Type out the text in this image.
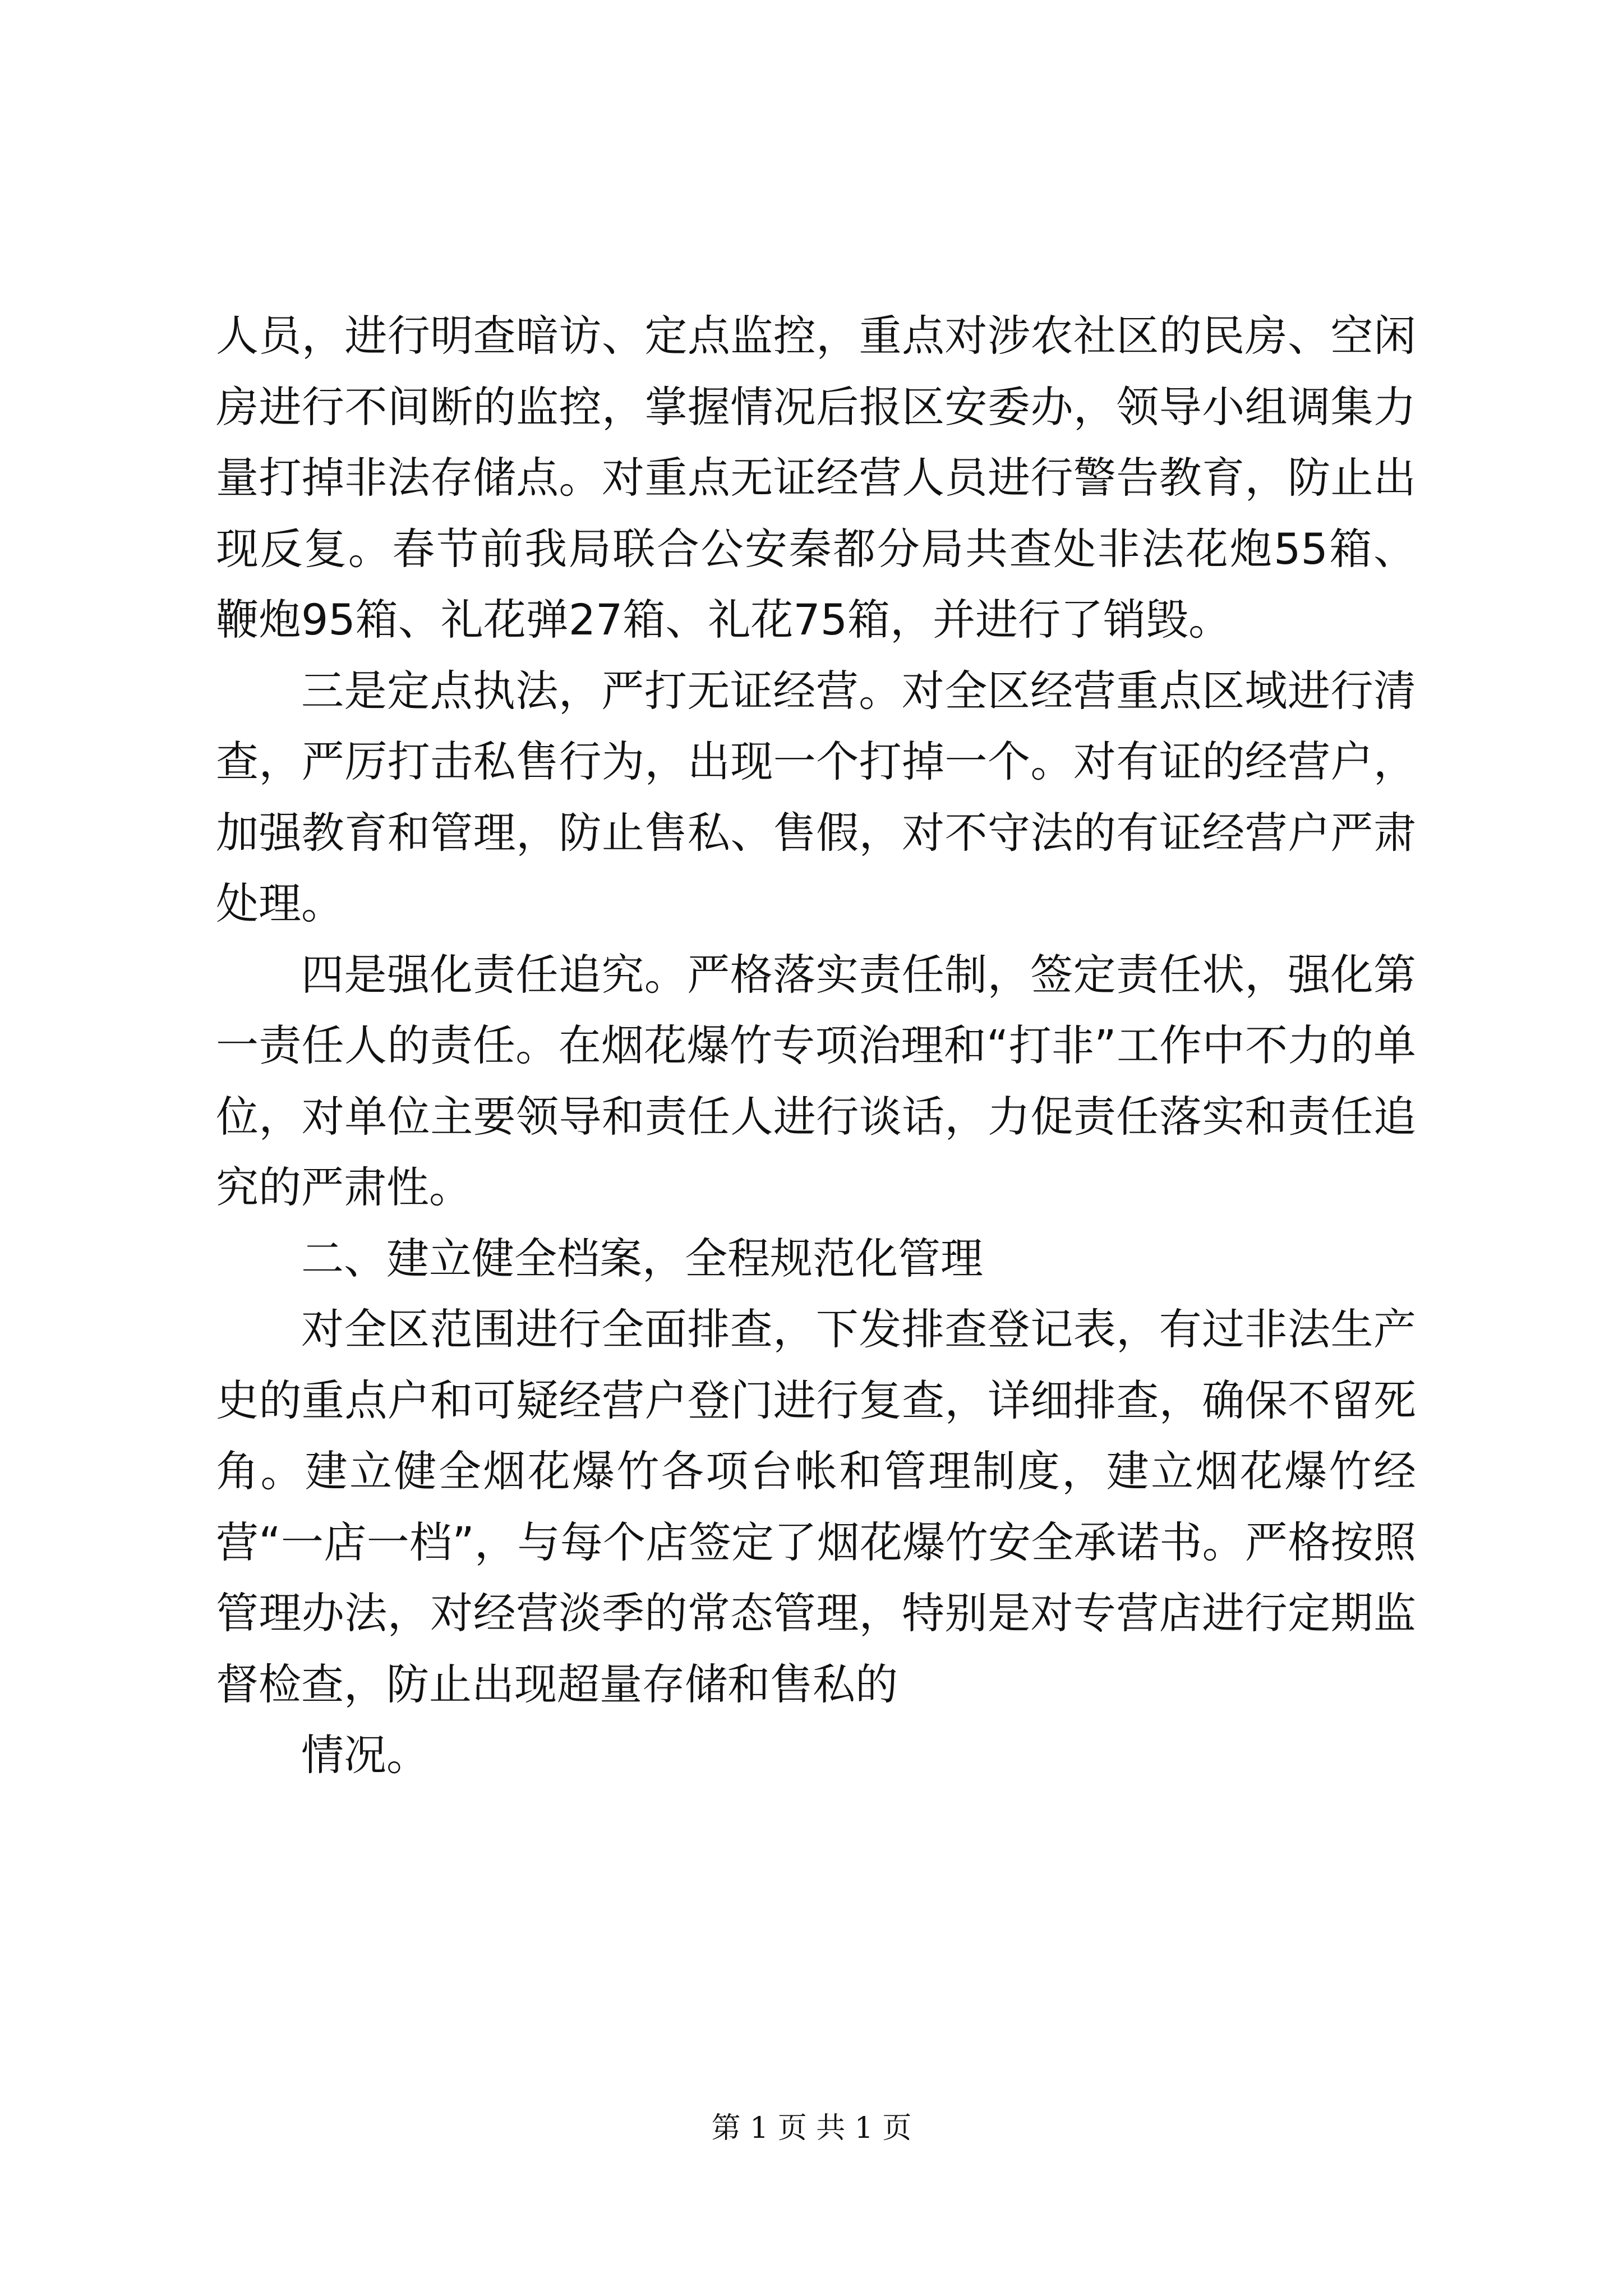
人员，进行明查暗访、定点监控，重点对涉农社区的民房、空闲房进行不间断的监控，掌握情况后报区安委办，领导小组调集力量打掉非法存储点。对重点无证经营人员进行警告教育，防止出现反复。春节前我局联合公安秦都分局共查处非法花炮55箱、鞭炮95箱、礼花弹27箱、礼花75箱，并进行了销毁。

三是定点执法，严打无证经营。对全区经营重点区域进行清查，严厉打击私售行为，出现一个打掉一个。对有证的经营户，加强教育和管理，防止售私、售假，对不守法的有证经营户严肃处理。

四是强化责任追究。严格落实责任制，签定责任状，强化第一责任人的责任。在烟花爆竹专项治理和“打非”工作中不力的单位，对单位主要领导和责任人进行谈话，力促责任落实和责任追究的严肃性。

二、建立健全档案，全程规范化管理

对全区范围进行全面排查，下发排查登记表，有过非法生产史的重点户和可疑经营户登门进行复查，详细排查，确保不留死角。建立健全烟花爆竹各项台帐和管理制度，建立烟花爆竹经营“一店一档”，与每个店签定了烟花爆竹安全承诺书。严格按照管理办法，对经营淡季的常态管理，特别是对专营店进行定期监督检查，防止出现超量存储和售私的

情况。

第 1 页 共 1 页
